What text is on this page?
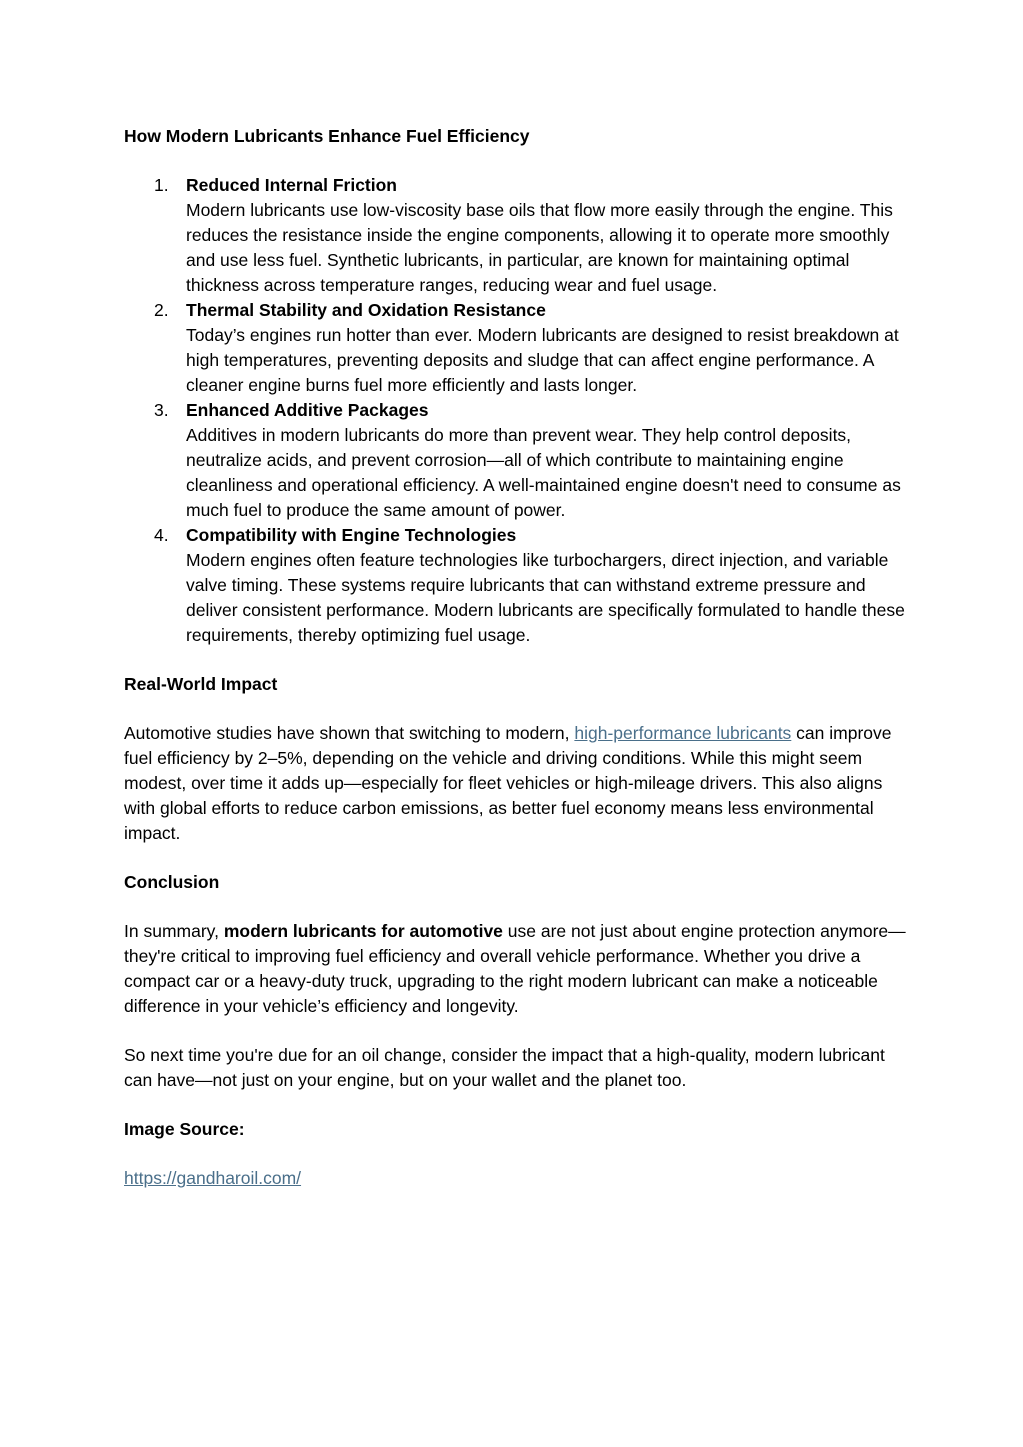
How Modern Lubricants Enhance Fuel Efficiency

1. Reduced Internal Friction
Modern lubricants use low-viscosity base oils that flow more easily through the engine. This reduces the resistance inside the engine components, allowing it to operate more smoothly and use less fuel. Synthetic lubricants, in particular, are known for maintaining optimal thickness across temperature ranges, reducing wear and fuel usage.
2. Thermal Stability and Oxidation Resistance
Today’s engines run hotter than ever. Modern lubricants are designed to resist breakdown at high temperatures, preventing deposits and sludge that can affect engine performance. A cleaner engine burns fuel more efficiently and lasts longer.
3. Enhanced Additive Packages
Additives in modern lubricants do more than prevent wear. They help control deposits, neutralize acids, and prevent corrosion—all of which contribute to maintaining engine cleanliness and operational efficiency. A well-maintained engine doesn't need to consume as much fuel to produce the same amount of power.
4. Compatibility with Engine Technologies
Modern engines often feature technologies like turbochargers, direct injection, and variable valve timing. These systems require lubricants that can withstand extreme pressure and deliver consistent performance. Modern lubricants are specifically formulated to handle these requirements, thereby optimizing fuel usage.

Real-World Impact

Automotive studies have shown that switching to modern, high-performance lubricants can improve fuel efficiency by 2–5%, depending on the vehicle and driving conditions. While this might seem modest, over time it adds up—especially for fleet vehicles or high-mileage drivers. This also aligns with global efforts to reduce carbon emissions, as better fuel economy means less environmental impact.

Conclusion

In summary, modern lubricants for automotive use are not just about engine protection anymore—they're critical to improving fuel efficiency and overall vehicle performance. Whether you drive a compact car or a heavy-duty truck, upgrading to the right modern lubricant can make a noticeable difference in your vehicle’s efficiency and longevity.

So next time you're due for an oil change, consider the impact that a high-quality, modern lubricant can have—not just on your engine, but on your wallet and the planet too.

Image Source:

https://gandharoil.com/
